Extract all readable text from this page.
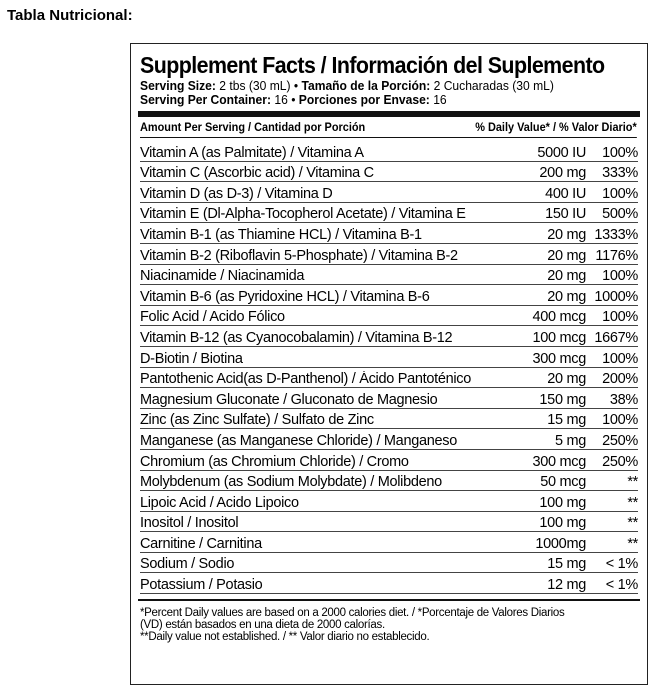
Tabla Nutricional:
Supplement Facts / Información del Suplemento
Serving Size: 2 tbs (30 mL) • Tamaño de la Porción: 2 Cucharadas (30 mL)
Serving Per Container: 16 • Porciones por Envase: 16
Amount Per Serving / Cantidad por Porción	% Daily Value* / % Valor Diario*
Vitamin A (as Palmitate) / Vitamina A	5000 IU	100%
Vitamin C (Ascorbic acid) / Vitamina C	200 mg	333%
Vitamin D (as D-3) / Vitamina D	400 IU	100%
Vitamin E (Dl-Alpha-Tocopherol Acetate) / Vitamina E	150 IU	500%
Vitamin B-1 (as Thiamine HCL) / Vitamina B-1	20 mg 1333%
Vitamin B-2 (Riboflavin 5-Phosphate) / Vitamina B-2	20 mg 1176%
Niacinamide / Niacinamida	20 mg	100%
Vitamin B-6 (as Pyridoxine HCL) / Vitamina B-6	20 mg 1000%
Folic Acid / Acido Fólico	400 mcg	100%
Vitamin B-12 (as Cyanocobalamin) / Vitamina B-12	100 mcg 1667%
D-Biotin / Biotina	300 mcg	100%
Pantothenic Acid(as D-Panthenol) / Ácido Pantoténico	20 mg	200%
Magnesium Gluconate / Gluconato de Magnesio	150 mg	38%
Zinc (as Zinc Sulfate) / Sulfato de Zinc	15 mg	100%
Manganese (as Manganese Chloride) / Manganeso	5 mg	250%
Chromium (as Chromium Chloride) / Cromo	300 mcg	250%
Molybdenum (as Sodium Molybdate) / Molibdeno	50 mcg	**
Lipoic Acid / Acido Lipoico	100 mg	**
Inositol / Inositol	100 mg	**
Carnitine / Carnitina	1000mg	**
Sodium / Sodio	15 mg	< 1%
Potassium / Potasio	12 mg	< 1%
*Percent Daily values are based on a 2000 calories diet. / *Porcentaje de Valores Diarios
(VD) están basados en una dieta de 2000 calorías.
**Daily value not established. / ** Valor diario no establecido.
